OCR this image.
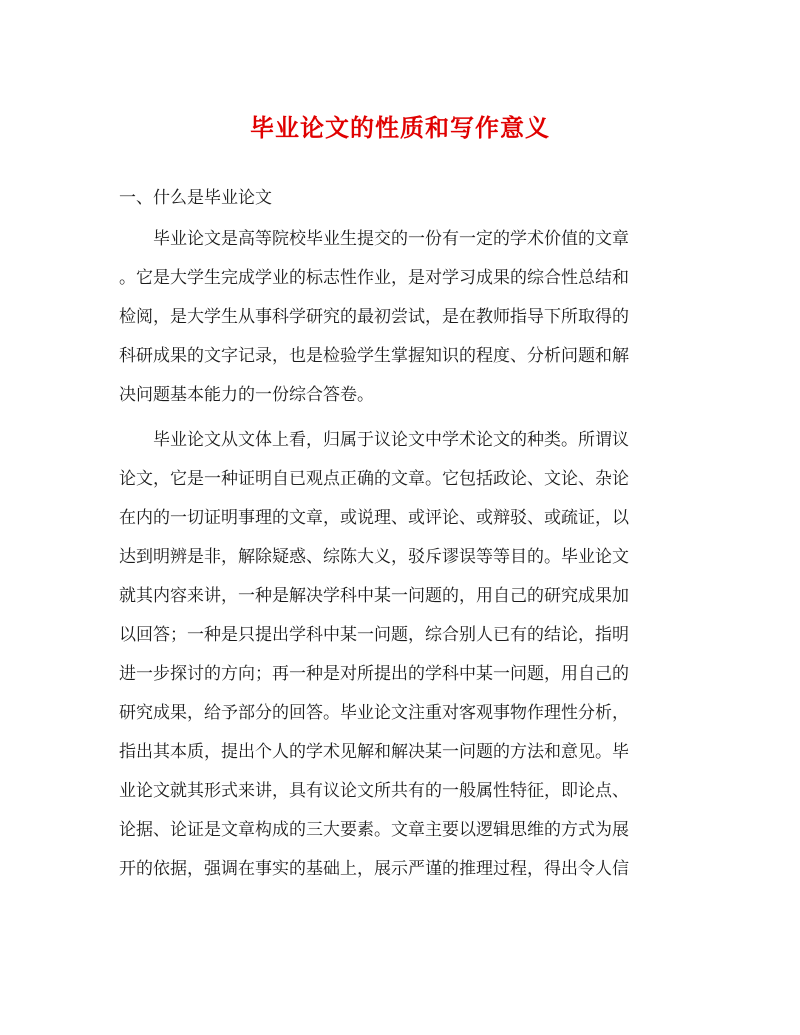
毕业论文的性质和写作意义
一、什么是毕业论文

毕业论文是高等院校毕业生提交的一份有一定的学术价值的文章

。它是大学生完成学业的标志性作业，是对学习成果的综合性总结和

检阅，是大学生从事科学研究的最初尝试，是在教师指导下所取得的

科研成果的文字记录，也是检验学生掌握知识的程度、分析问题和解

决问题基本能力的一份综合答卷。

毕业论文从文体上看，归属于议论文中学术论文的种类。所谓议

论文，它是一种证明自已观点正确的文章。它包括政论、文论、杂论

在内的一切证明事理的文章，或说理、或评论、或辩驳、或疏证，以

达到明辨是非，解除疑惑、综陈大义，驳斥谬误等等目的。毕业论文

就其内容来讲，一种是解决学科中某一问题的，用自己的研究成果加

以回答；一种是只提出学科中某一问题，综合别人已有的结论，指明

进一步探讨的方向；再一种是对所提出的学科中某一问题，用自己的

研究成果，给予部分的回答。毕业论文注重对客观事物作理性分析，

指出其本质，提出个人的学术见解和解决某一问题的方法和意见。毕

业论文就其形式来讲，具有议论文所共有的一般属性特征，即论点、

论据、论证是文章构成的三大要素。文章主要以逻辑思维的方式为展

开的依据，强调在事实的基础上，展示严谨的推理过程，得出令人信
